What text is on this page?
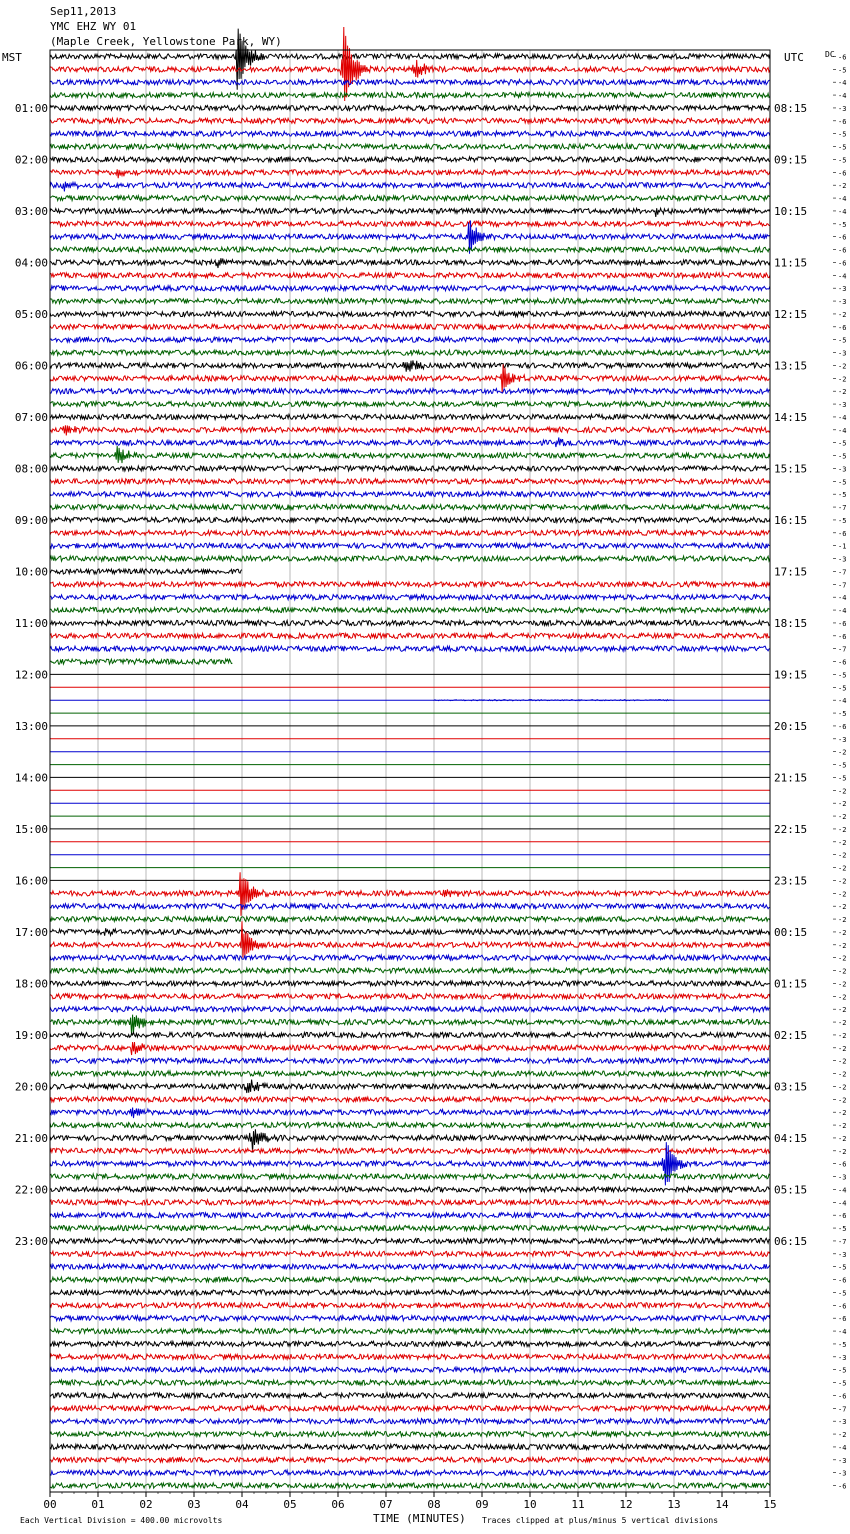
Sep11,2013
YMC EHZ WY 01
(Maple Creek, Yellowstone Park, WY)
-6
-5
-4
-4
-3
-6
-5
-5
-5
-6
-2
-4
-4
-5
-6
-6
-6
-4
-3
-3
-2
-6
-5
-3
-2
-2
-2
-3
-4
-4
-5
-5
-3
-5
-5
-7
-5
-6
-1
-3
-7
-7
-4
-4
-6
-6
-7
-6
-5
-5
-4
-5
-6
-3
-2
-5
-5
-2
-2
-2
-2
-2
-2
-2
-2
-2
-2
-2
-2
-2
-2
-2
-2
-2
-2
-2
-2
-2
-2
-2
-2
-2
-2
-2
-2
-2
-6
-3
-4
-4
-6
-5
-7
-3
-5
-6
-5
-6
-6
-4
-5
-3
-5
-5
-6
-7
-3
-2
-4
-3
-3
-6
01:00	08:15
02:00	09:15
03:00	10:15
04:00	11:15
05:00	12:15
06:00	13:15
07:00	14:15
08:00	15:15
09:00	16:15
10:00	17:15
11:00	18:15
12:00	19:15
13:00	20:15
14:00	21:15
15:00	22:15
16:00	23:15
17:00	00:15
18:00	01:15
19:00	02:15
20:00	03:15
21:00	04:15
22:00	05:15
23:00	06:15
00	01	02	03	04	05	06	07	08	09	10	11	12	13	14	15
MST	UTC	DC
TIME (MINUTES)
Each Vertical Division = 400.00 microvolts	Traces clipped at plus/minus 5 vertical divisions
